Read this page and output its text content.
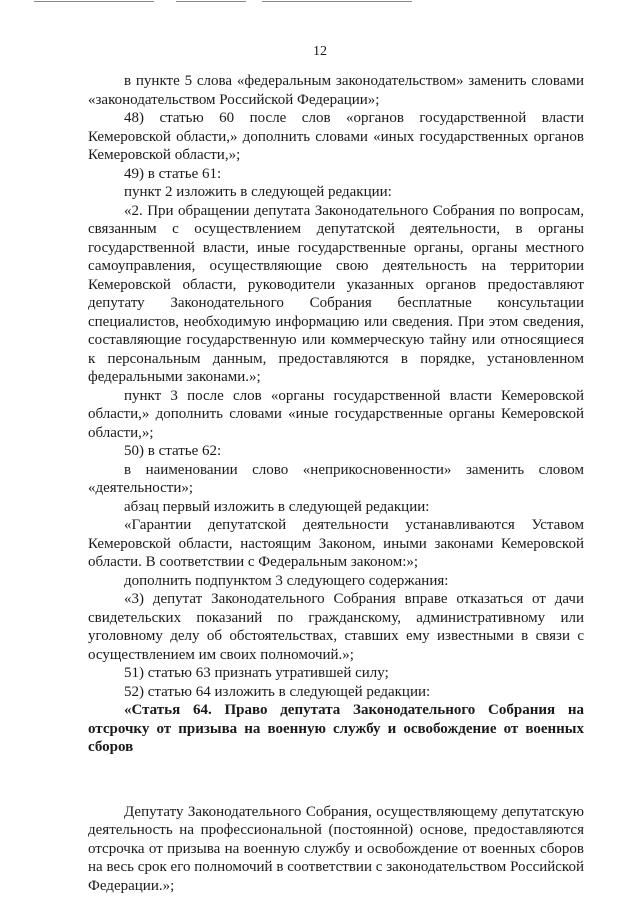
12

в пункте 5 слова «федеральным законодательством» заменить словами «законодательством Российской Федерации»;

48) статью 60 после слов «органов государственной власти Кемеровской области,» дополнить словами «иных государственных органов Кемеровской области,»;

49) в статье 61:

пункт 2 изложить в следующей редакции:

«2. При обращении депутата Законодательного Собрания по вопросам, связанным с осуществлением депутатской деятельности, в органы государственной власти, иные государственные органы, органы местного самоуправления, осуществляющие свою деятельность на территории Кемеровской области, руководители указанных органов предоставляют депутату Законодательного Собрания бесплатные консультации специалистов, необходимую информацию или сведения. При этом сведения, составляющие государственную или коммерческую тайну или относящиеся к персональным данным, предоставляются в порядке, установленном федеральными законами.»;

пункт 3 после слов «органы государственной власти Кемеровской области,» дополнить словами «иные государственные органы Кемеровской области,»;

50) в статье 62:

в наименовании слово «неприкосновенности» заменить словом «деятельности»;

абзац первый изложить в следующей редакции:

«Гарантии депутатской деятельности устанавливаются Уставом Кемеровской области, настоящим Законом, иными законами Кемеровской области. В соответствии с Федеральным законом:»;

дополнить подпунктом 3 следующего содержания:

«3) депутат Законодательного Собрания вправе отказаться от дачи свидетельских показаний по гражданскому, административному или уголовному делу об обстоятельствах, ставших ему известными в связи с осуществлением им своих полномочий.»;

51) статью 63 признать утратившей силу;

52) статью 64 изложить в следующей редакции:

«Статья 64. Право депутата Законодательного Собрания на отсрочку от призыва на военную службу и освобождение от военных сборов

Депутату Законодательного Собрания, осуществляющему депутатскую деятельность на профессиональной (постоянной) основе, предоставляются отсрочка от призыва на военную службу и освобождение от военных сборов на весь срок его полномочий в соответствии с законодательством Российской Федерации.»;
